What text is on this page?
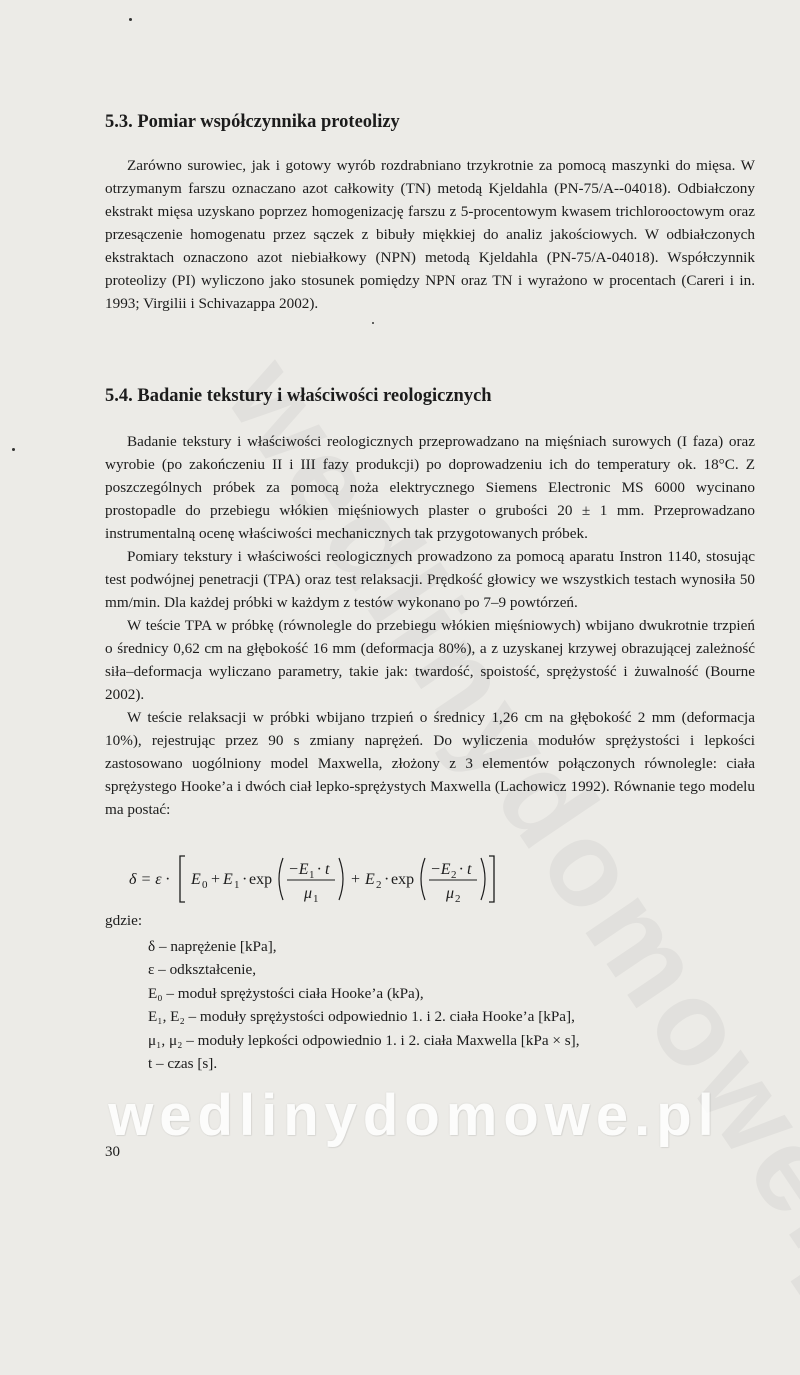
5.3. Pomiar współczynnika proteolizy

Zarówno surowiec, jak i gotowy wyrób rozdrabniano trzykrotnie za pomocą maszynki do mięsa. W otrzymanym farszu oznaczano azot całkowity (TN) metodą Kjeldahla (PN-75/A--04018). Odbiałczony ekstrakt mięsa uzyskano poprzez homogenizację farszu z 5-procentowym kwasem trichlorooctowym oraz przesączenie homogenatu przez sączek z bibuły miękkiej do analiz jakościowych. W odbiałczonych ekstraktach oznaczono azot niebiałkowy (NPN) metodą Kjeldahla (PN-75/A-04018). Współczynnik proteolizy (PI) wyliczono jako stosunek pomiędzy NPN oraz TN i wyrażono w procentach (Careri i in. 1993; Virgilii i Schivazappa 2002).

5.4. Badanie tekstury i właściwości reologicznych

Badanie tekstury i właściwości reologicznych przeprowadzano na mięśniach surowych (I faza) oraz wyrobie (po zakończeniu II i III fazy produkcji) po doprowadzeniu ich do temperatury ok. 18°C. Z poszczególnych próbek za pomocą noża elektrycznego Siemens Electronic MS 6000 wycinano prostopadle do przebiegu włókien mięśniowych plaster o grubości 20 ± 1 mm. Przeprowadzano instrumentalną ocenę właściwości mechanicznych tak przygotowanych próbek.

Pomiary tekstury i właściwości reologicznych prowadzono za pomocą aparatu Instron 1140, stosując test podwójnej penetracji (TPA) oraz test relaksacji. Prędkość głowicy we wszystkich testach wynosiła 50 mm/min. Dla każdej próbki w każdym z testów wykonano po 7–9 powtórzeń.

W teście TPA w próbkę (równolegle do przebiegu włókien mięśniowych) wbijano dwukrotnie trzpień o średnicy 0,62 cm na głębokość 16 mm (deformacja 80%), a z uzyskanej krzywej obrazującej zależność siła–deformacja wyliczano parametry, takie jak: twardość, spoistość, sprężystość i żuwalność (Bourne 2002).

W teście relaksacji w próbki wbijano trzpień o średnicy 1,26 cm na głębokość 2 mm (deformacja 10%), rejestrując przez 90 s zmiany naprężeń. Do wyliczenia modułów sprężystości i lepkości zastosowano uogólniony model Maxwella, złożony z 3 elementów połączonych równolegle: ciała sprężystego Hooke’a i dwóch ciał lepko-sprężystych Maxwella (Lachowicz 1992). Równanie tego modelu ma postać:

δ = ε · E 0 + E 1 · exp
−E 1 · t
μ 1
+ E 2 · exp
−E 2 · t
μ 2
gdzie:
δ – naprężenie [kPa],
ε – odkształcenie,
E₀ – moduł sprężystości ciała Hooke’a (kPa),
E₁, E₂ – moduły sprężystości odpowiednio 1. i 2. ciała Hooke’a [kPa],
μ₁, μ₂ – moduły lepkości odpowiednio 1. i 2. ciała Maxwella [kPa × s],
t – czas [s].
wedlinydomowe.pl
30
